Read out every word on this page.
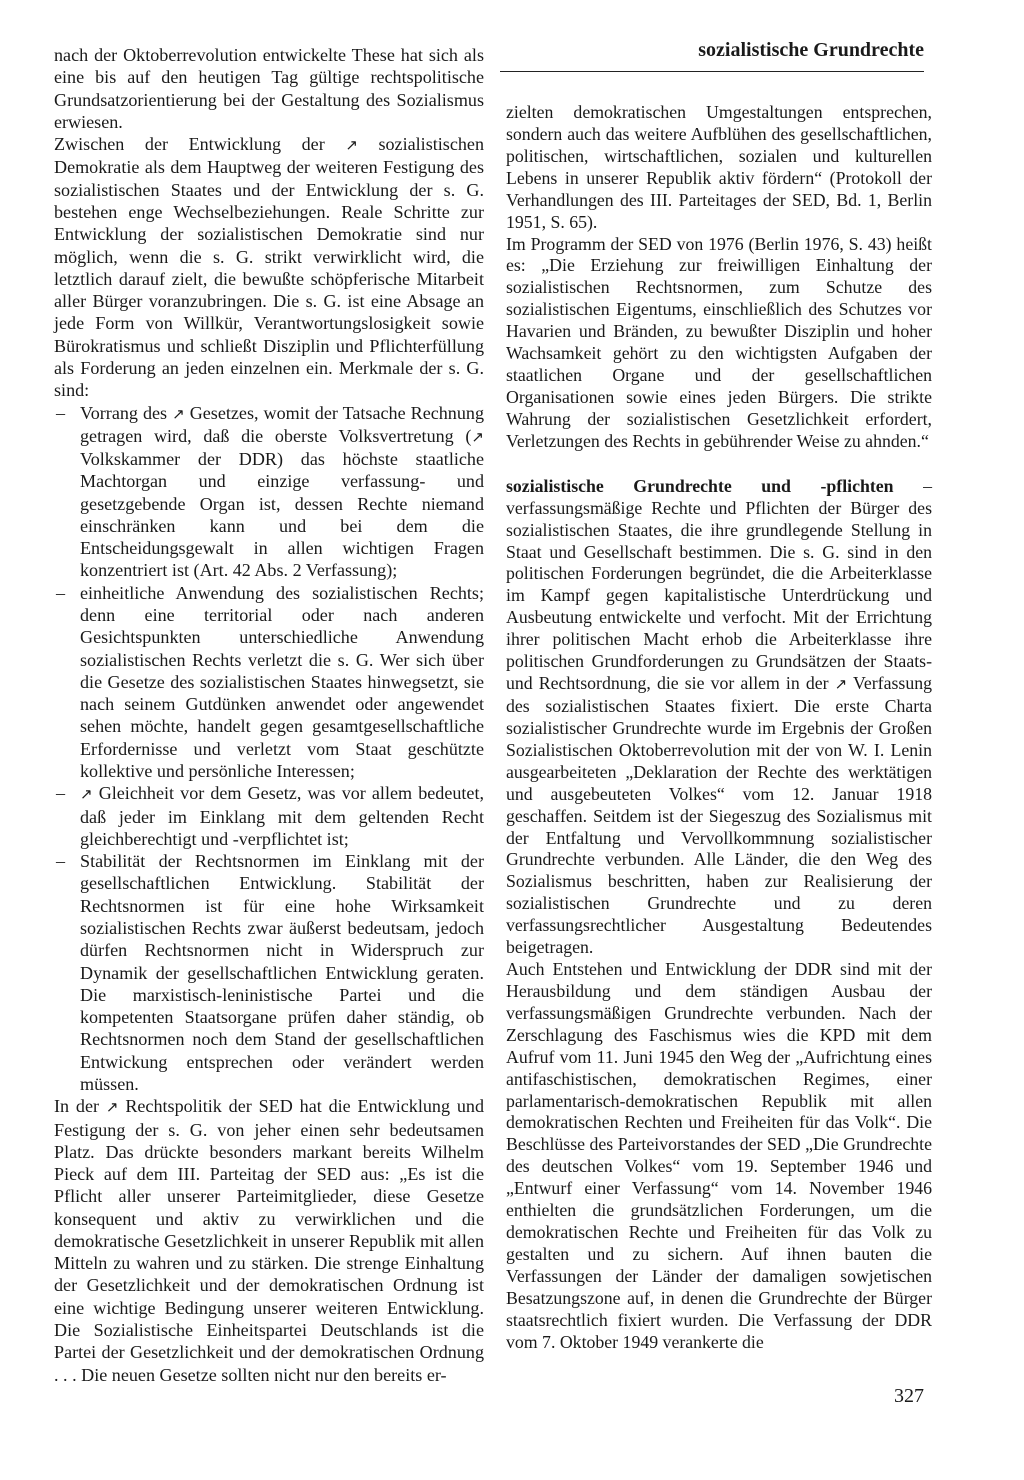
sozialistische Grundrechte

nach der Oktoberrevolution entwickelte These hat sich als eine bis auf den heutigen Tag gültige rechtspolitische Grundsatzorientierung bei der Gestaltung des Sozialismus erwiesen.

Zwischen der Entwicklung der ↗ sozialistischen Demokratie als dem Hauptweg der weiteren Festigung des sozialistischen Staates und der Entwicklung der s. G. bestehen enge Wechselbeziehungen. Reale Schritte zur Entwicklung der sozialistischen Demokratie sind nur möglich, wenn die s. G. strikt verwirklicht wird, die letztlich darauf zielt, die bewußte schöpferische Mitarbeit aller Bürger voranzubringen. Die s. G. ist eine Absage an jede Form von Willkür, Verantwortungslosigkeit sowie Bürokratismus und schließt Disziplin und Pflichterfüllung als Forderung an jeden einzelnen ein. Merkmale der s. G. sind:

– Vorrang des ↗ Gesetzes, womit der Tatsache Rechnung getragen wird, daß die oberste Volksvertretung (↗ Volkskammer der DDR) das höchste staatliche Machtorgan und einzige verfassung- und gesetzgebende Organ ist, dessen Rechte niemand einschränken kann und bei dem die Entscheidungsgewalt in allen wichtigen Fragen konzentriert ist (Art. 42 Abs. 2 Verfassung);
– einheitliche Anwendung des sozialistischen Rechts; denn eine territorial oder nach anderen Gesichtspunkten unterschiedliche Anwendung sozialistischen Rechts verletzt die s. G. Wer sich über die Gesetze des sozialistischen Staates hinwegsetzt, sie nach seinem Gutdünken anwendet oder angewendet sehen möchte, handelt gegen gesamtgesellschaftliche Erfordernisse und verletzt vom Staat geschützte kollektive und persönliche Interessen;
– ↗ Gleichheit vor dem Gesetz, was vor allem bedeutet, daß jeder im Einklang mit dem geltenden Recht gleichberechtigt und -verpflichtet ist;
– Stabilität der Rechtsnormen im Einklang mit der gesellschaftlichen Entwicklung. Stabilität der Rechtsnormen ist für eine hohe Wirksamkeit sozialistischen Rechts zwar äußerst bedeutsam, jedoch dürfen Rechtsnormen nicht in Widerspruch zur Dynamik der gesellschaftlichen Entwicklung geraten. Die marxistisch-leninistische Partei und die kompetenten Staatsorgane prüfen daher ständig, ob Rechtsnormen noch dem Stand der gesellschaftlichen Entwickung entsprechen oder verändert werden müssen.

In der ↗ Rechtspolitik der SED hat die Entwicklung und Festigung der s. G. von jeher einen sehr bedeutsamen Platz. Das drückte besonders markant bereits Wilhelm Pieck auf dem III. Parteitag der SED aus: „Es ist die Pflicht aller unserer Parteimitglieder, diese Gesetze konsequent und aktiv zu verwirklichen und die demokratische Gesetzlichkeit in unserer Republik mit allen Mitteln zu wahren und zu stärken. Die strenge Einhaltung der Gesetzlichkeit und der demokratischen Ordnung ist eine wichtige Bedingung unserer weiteren Entwicklung. Die Sozialistische Einheitspartei Deutschlands ist die Partei der Gesetzlichkeit und der demokratischen Ordnung . . . Die neuen Gesetze sollten nicht nur den bereits er-

zielten demokratischen Umgestaltungen entsprechen, sondern auch das weitere Aufblühen des gesellschaftlichen, politischen, wirtschaftlichen, sozialen und kulturellen Lebens in unserer Republik aktiv fördern“ (Protokoll der Verhandlungen des III. Parteitages der SED, Bd. 1, Berlin 1951, S. 65).

Im Programm der SED von 1976 (Berlin 1976, S. 43) heißt es: „Die Erziehung zur freiwilligen Einhaltung der sozialistischen Rechtsnormen, zum Schutze des sozialistischen Eigentums, einschließlich des Schutzes vor Havarien und Bränden, zu bewußter Disziplin und hoher Wachsamkeit gehört zu den wichtigsten Aufgaben der staatlichen Organe und der gesellschaftlichen Organisationen sowie eines jeden Bürgers. Die strikte Wahrung der sozialistischen Gesetzlichkeit erfordert, Verletzungen des Rechts in gebührender Weise zu ahnden.“

sozialistische Grundrechte und -pflichten – verfassungsmäßige Rechte und Pflichten der Bürger des sozialistischen Staates, die ihre grundlegende Stellung in Staat und Gesellschaft bestimmen. Die s. G. sind in den politischen Forderungen begründet, die die Arbeiterklasse im Kampf gegen kapitalistische Unterdrückung und Ausbeutung entwickelte und verfocht. Mit der Errichtung ihrer politischen Macht erhob die Arbeiterklasse ihre politischen Grundforderungen zu Grundsätzen der Staats- und Rechtsordnung, die sie vor allem in der ↗ Verfassung des sozialistischen Staates fixiert. Die erste Charta sozialistischer Grundrechte wurde im Ergebnis der Großen Sozialistischen Oktoberrevolution mit der von W. I. Lenin ausgearbeiteten „Deklaration der Rechte des werktätigen und ausgebeuteten Volkes“ vom 12. Januar 1918 geschaffen. Seitdem ist der Siegeszug des Sozialismus mit der Entfaltung und Vervollkommnung sozialistischer Grundrechte verbunden. Alle Länder, die den Weg des Sozialismus beschritten, haben zur Realisierung der sozialistischen Grundrechte und zu deren verfassungsrechtlicher Ausgestaltung Bedeutendes beigetragen.

Auch Entstehen und Entwicklung der DDR sind mit der Herausbildung und dem ständigen Ausbau der verfassungsmäßigen Grundrechte verbunden. Nach der Zerschlagung des Faschismus wies die KPD mit dem Aufruf vom 11. Juni 1945 den Weg der „Aufrichtung eines antifaschistischen, demokratischen Regimes, einer parlamentarisch-demokratischen Republik mit allen demokratischen Rechten und Freiheiten für das Volk“. Die Beschlüsse des Parteivorstandes der SED „Die Grundrechte des deutschen Volkes“ vom 19. September 1946 und „Entwurf einer Verfassung“ vom 14. November 1946 enthielten die grundsätzlichen Forderungen, um die demokratischen Rechte und Freiheiten für das Volk zu gestalten und zu sichern. Auf ihnen bauten die Verfassungen der Länder der damaligen sowjetischen Besatzungszone auf, in denen die Grundrechte der Bürger staatsrechtlich fixiert wurden. Die Verfassung der DDR vom 7. Oktober 1949 verankerte die

327
